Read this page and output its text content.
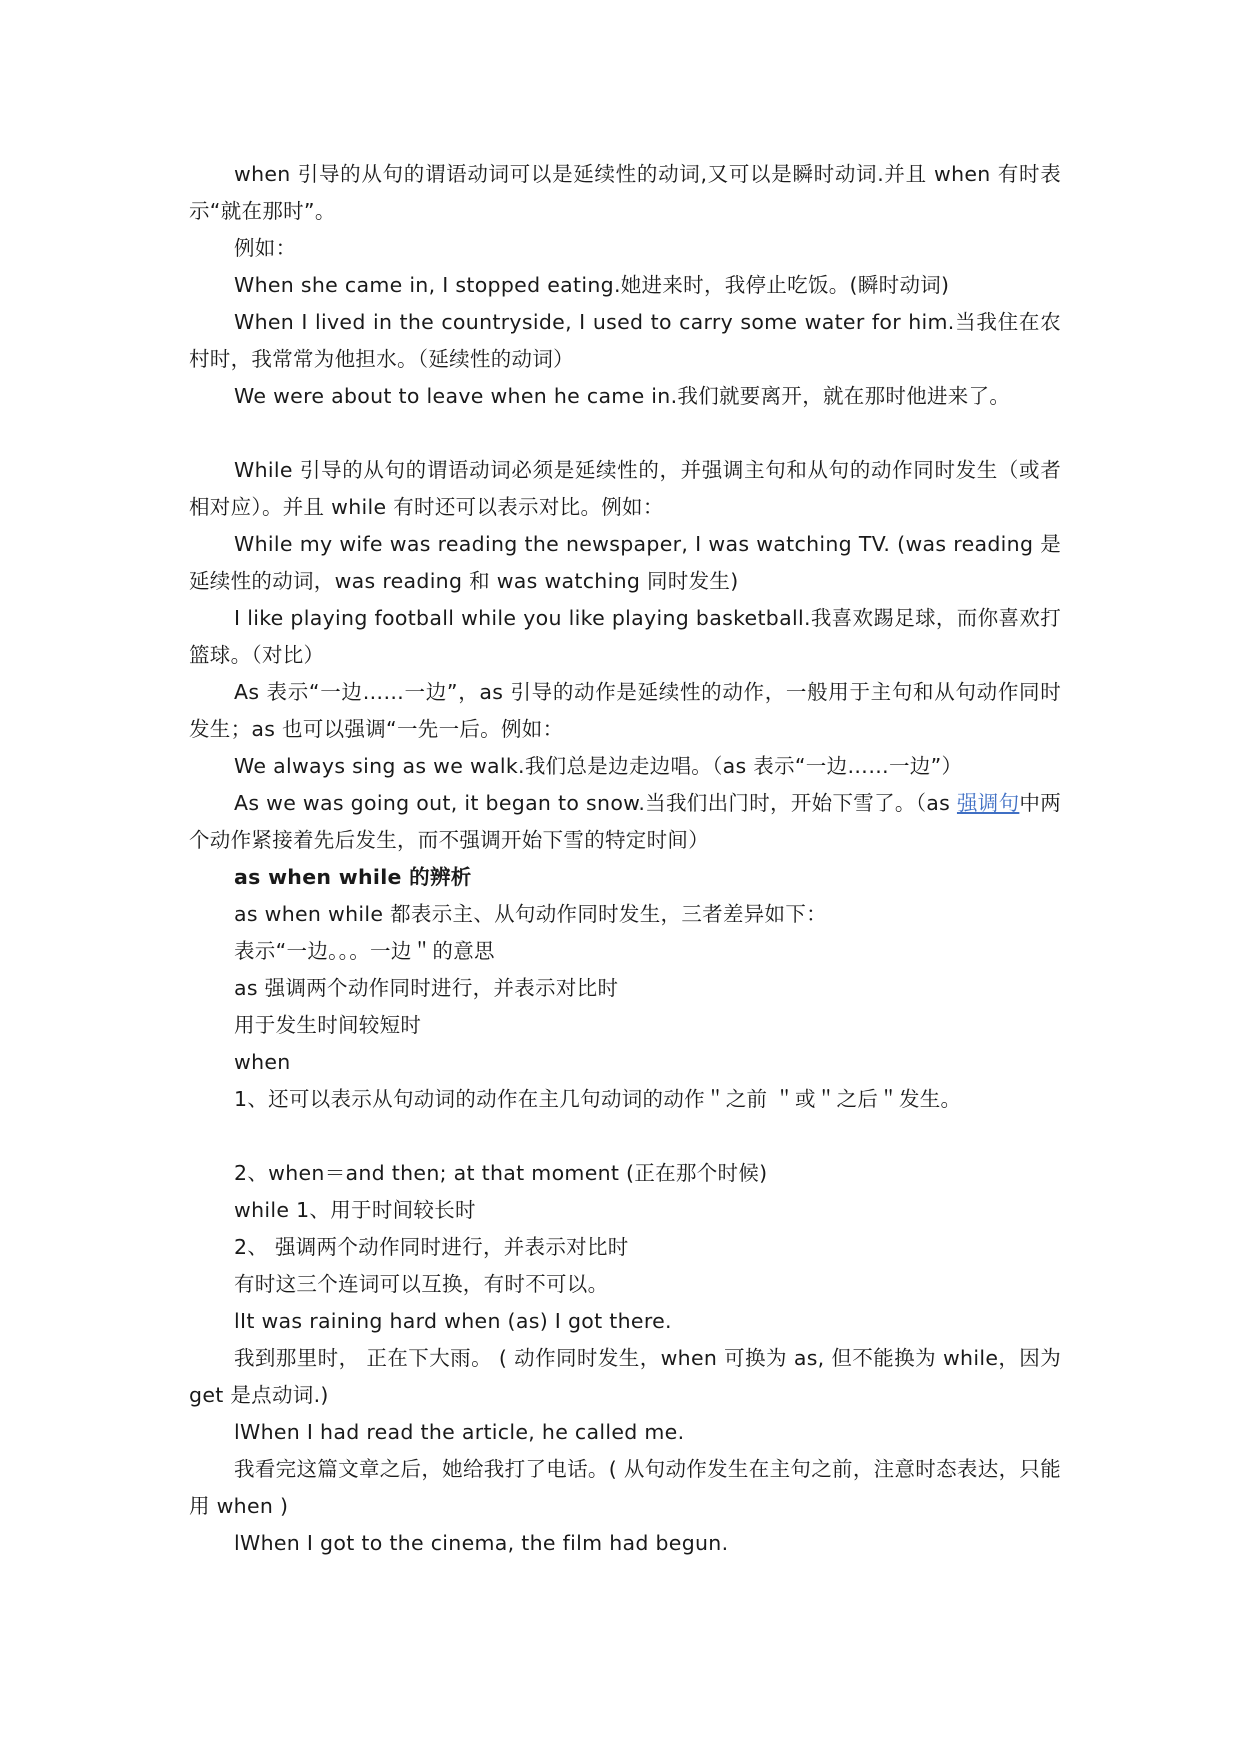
when 引导的从句的谓语动词可以是延续性的动词,又可以是瞬时动词.并且 when 有时表示“就在那时”。

例如：

When she came in, I stopped eating.她进来时，我停止吃饭。(瞬时动词)

When I lived in the countryside, I used to carry some water for him.当我住在农村时，我常常为他担水。（延续性的动词）

We were about to leave when he came in.我们就要离开，就在那时他进来了。

While 引导的从句的谓语动词必须是延续性的，并强调主句和从句的动作同时发生（或者相对应）。并且 while 有时还可以表示对比。例如：

While my wife was reading the newspaper, I was watching TV. (was reading 是延续性的动词，was reading 和 was watching 同时发生)

I like playing football while you like playing basketball.我喜欢踢足球，而你喜欢打篮球。（对比）

As 表示“一边……一边”，as 引导的动作是延续性的动作，一般用于主句和从句动作同时发生；as 也可以强调“一先一后。例如：

We always sing as we walk.我们总是边走边唱。（as 表示“一边……一边”）

As we was going out, it began to snow.当我们出门时，开始下雪了。（as 强调句中两个动作紧接着先后发生，而不强调开始下雪的特定时间）

as when while 的辨析

as when while 都表示主、从句动作同时发生，三者差异如下：

表示“一边。。。一边＂的意思

as 强调两个动作同时进行，并表示对比时

用于发生时间较短时

when

1、还可以表示从句动词的动作在主几句动词的动作＂之前 ＂或＂之后＂发生。

2、when＝and then; at that moment (正在那个时候)

while 1、用于时间较长时

2、 强调两个动作同时进行，并表示对比时

有时这三个连词可以互换，有时不可以。

lIt was raining hard when (as) I got there.

我到那里时， 正在下大雨。 ( 动作同时发生，when 可换为 as, 但不能换为 while，因为 get 是点动词.)

lWhen I had read the article, he called me.

我看完这篇文章之后，她给我打了电话。( 从句动作发生在主句之前，注意时态表达，只能用 when )

lWhen I got to the cinema, the film had begun.
